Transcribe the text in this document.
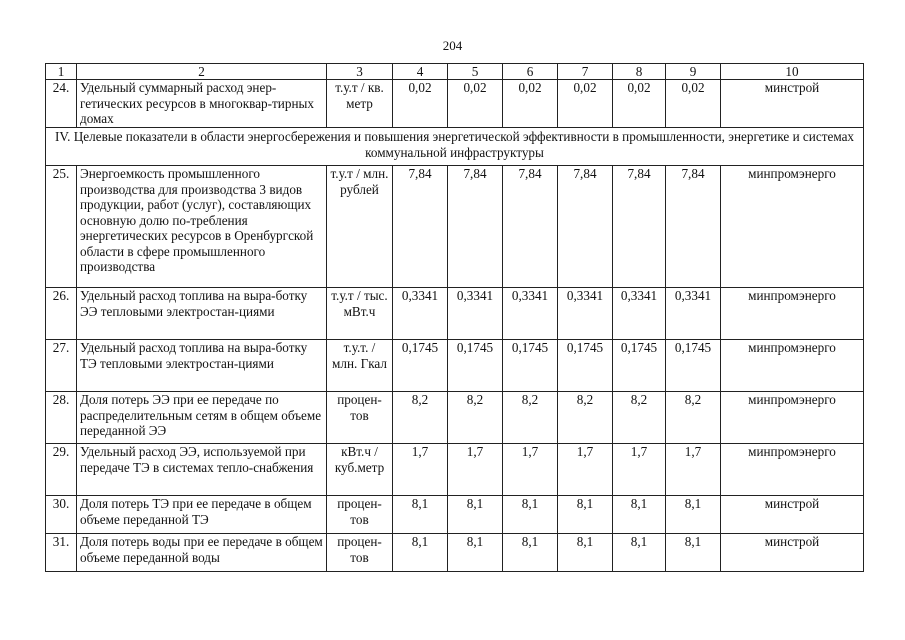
204
1	2	3	4	5	6	7	8	9	10
24.	Удельный суммарный расход энер-гетических ресурсов в многоквар-тирных домах	т.у.т / кв. метр	0,02	0,02	0,02	0,02	0,02	0,02	минстрой
IV. Целевые показатели в области энергосбережения и повышения энергетической эффективности в промышленности, энергетике и системах коммунальной инфраструктуры									
25.	Энергоемкость промышленного производства для производства 3 видов продукции, работ (услуг), составляющих основную долю по-требления энергетических ресурсов в Оренбургской области в сфере промышленного производства	т.у.т / млн. рублей	7,84	7,84	7,84	7,84	7,84	7,84	минпромэнерго
26.	Удельный расход топлива на выра-ботку ЭЭ тепловыми электростан-циями	т.у.т / тыс. мВт.ч	0,3341	0,3341	0,3341	0,3341	0,3341	0,3341	минпромэнерго
27.	Удельный расход топлива на выра-ботку ТЭ тепловыми электростан-циями	т.у.т. / млн. Гкал	0,1745	0,1745	0,1745	0,1745	0,1745	0,1745	минпромэнерго
28.	Доля потерь ЭЭ при ее передаче по распределительным сетям в общем объеме переданной ЭЭ	процен-тов	8,2	8,2	8,2	8,2	8,2	8,2	минпромэнерго
29.	Удельный расход ЭЭ, используемой при передаче ТЭ в системах тепло-снабжения	кВт.ч / куб.метр	1,7	1,7	1,7	1,7	1,7	1,7	минпромэнерго
30.	Доля потерь ТЭ при ее передаче в общем объеме переданной ТЭ	процен-тов	8,1	8,1	8,1	8,1	8,1	8,1	минстрой
31.	Доля потерь воды при ее передаче в общем объеме переданной воды	процен-тов	8,1	8,1	8,1	8,1	8,1	8,1	минстрой
